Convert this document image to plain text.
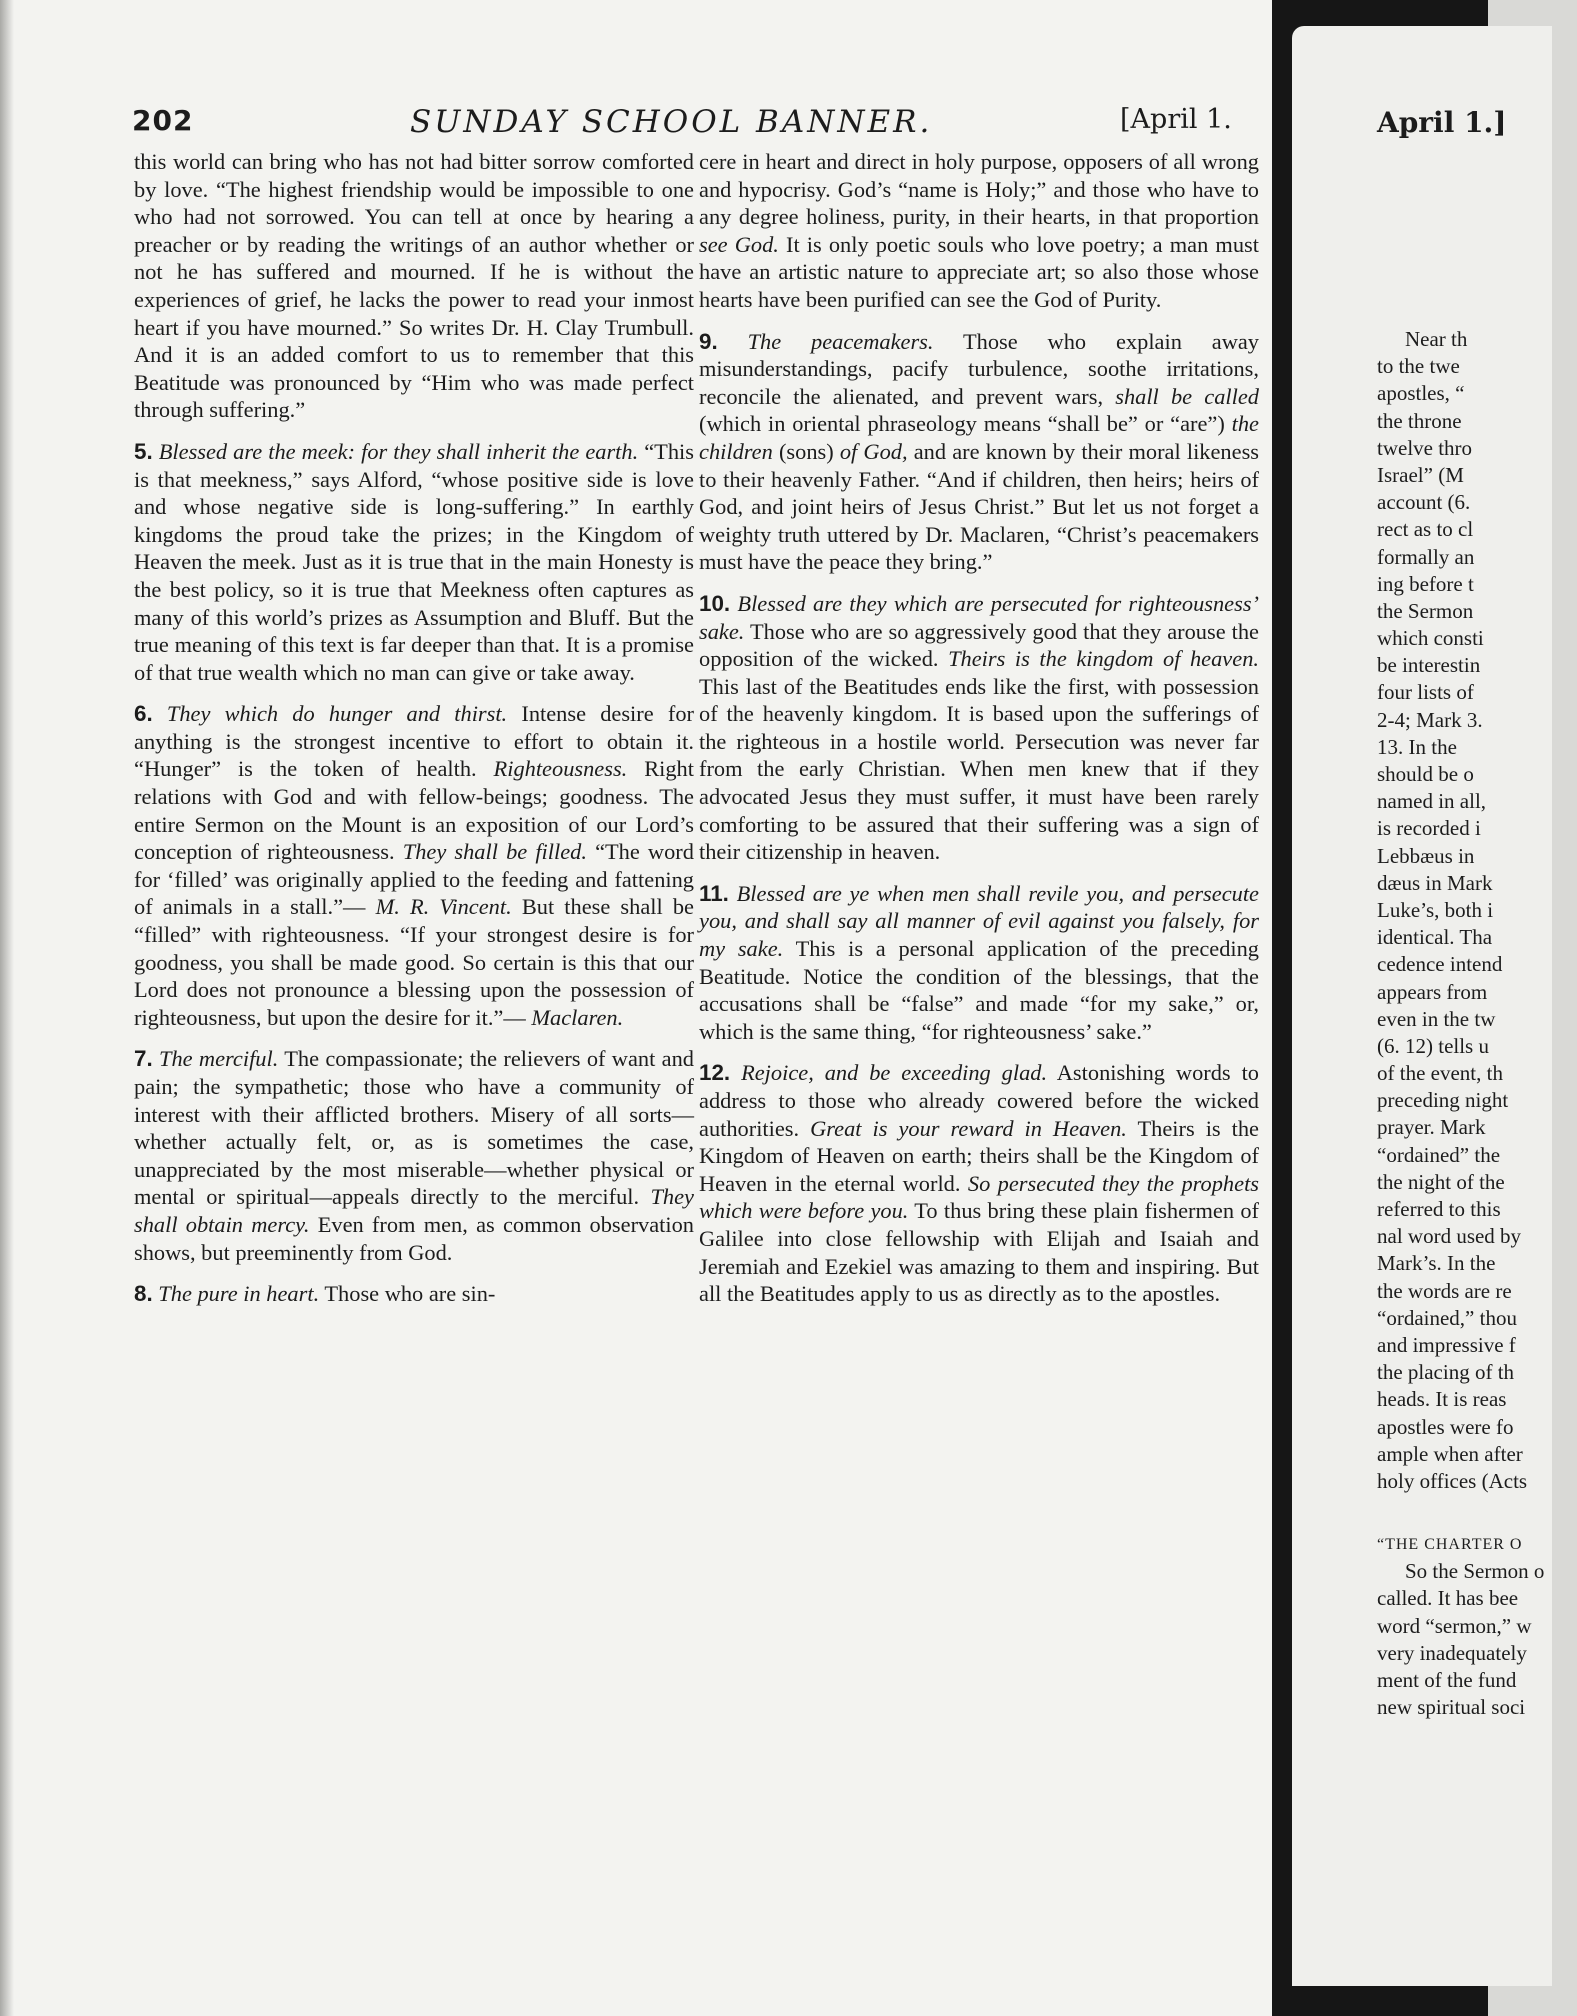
202	SUNDAY SCHOOL BANNER.	[April 1.

this world can bring who has not had bitter sorrow comforted by love. “The highest friendship would be impossible to one who had not sorrowed. You can tell at once by hearing a preacher or by reading the writings of an author whether or not he has suffered and mourned. If he is without the experiences of grief, he lacks the power to read your inmost heart if you have mourned.” So writes Dr. H. Clay Trumbull. And it is an added comfort to us to remember that this Beatitude was pronounced by “Him who was made perfect through suffering.”

5. Blessed are the meek: for they shall inherit the earth. “This is that meekness,” says Alford, “whose positive side is love and whose negative side is long-suffering.” In earthly kingdoms the proud take the prizes; in the Kingdom of Heaven the meek. Just as it is true that in the main Honesty is the best policy, so it is true that Meekness often captures as many of this world’s prizes as Assumption and Bluff. But the true meaning of this text is far deeper than that. It is a promise of that true wealth which no man can give or take away.

6. They which do hunger and thirst. Intense desire for anything is the strongest incentive to effort to obtain it. “Hunger” is the token of health. Righteousness. Right relations with God and with fellow-beings; goodness. The entire Sermon on the Mount is an exposition of our Lord’s conception of righteousness. They shall be filled. “The word for ‘filled’ was originally applied to the feeding and fattening of animals in a stall.”— M. R. Vincent. But these shall be “filled” with righteousness. “If your strongest desire is for goodness, you shall be made good. So certain is this that our Lord does not pronounce a blessing upon the possession of righteousness, but upon the desire for it.”— Maclaren.

7. The merciful. The compassionate; the relievers of want and pain; the sympathetic; those who have a community of interest with their afflicted brothers. Misery of all sorts—whether actually felt, or, as is sometimes the case, unappreciated by the most miserable—whether physical or mental or spiritual—appeals directly to the merciful. They shall obtain mercy. Even from men, as common observation shows, but preeminently from God.

8. The pure in heart. Those who are sin-

cere in heart and direct in holy purpose, opposers of all wrong and hypocrisy. God’s “name is Holy;” and those who have to any degree holiness, purity, in their hearts, in that proportion see God. It is only poetic souls who love poetry; a man must have an artistic nature to appreciate art; so also those whose hearts have been purified can see the God of Purity.

9. The peacemakers. Those who explain away misunderstandings, pacify turbulence, soothe irritations, reconcile the alienated, and prevent wars, shall be called (which in oriental phraseology means “shall be” or “are”) the children (sons) of God, and are known by their moral likeness to their heavenly Father. “And if children, then heirs; heirs of God, and joint heirs of Jesus Christ.” But let us not forget a weighty truth uttered by Dr. Maclaren, “Christ’s peacemakers must have the peace they bring.”

10. Blessed are they which are persecuted for righteousness’ sake. Those who are so aggressively good that they arouse the opposition of the wicked. Theirs is the kingdom of heaven. This last of the Beatitudes ends like the first, with possession of the heavenly kingdom. It is based upon the sufferings of the righteous in a hostile world. Persecution was never far from the early Christian. When men knew that if they advocated Jesus they must suffer, it must have been rarely comforting to be assured that their suffering was a sign of their citizenship in heaven.

11. Blessed are ye when men shall revile you, and persecute you, and shall say all manner of evil against you falsely, for my sake. This is a personal application of the preceding Beatitude. Notice the condition of the blessings, that the accusations shall be “false” and made “for my sake,” or, which is the same thing, “for righteousness’ sake.”

12. Rejoice, and be exceeding glad. Astonishing words to address to those who already cowered before the wicked authorities. Great is your reward in Heaven. Theirs is the Kingdom of Heaven on earth; theirs shall be the Kingdom of Heaven in the eternal world. So persecuted they the prophets which were before you. To thus bring these plain fishermen of Galilee into close fellowship with Elijah and Isaiah and Jeremiah and Ezekiel was amazing to them and inspiring. But all the Beatitudes apply to us as directly as to the apostles.

April 1.]
Near th
to the twe
apostles, “
the throne
twelve thro
Israel” (M
account (6.
rect as to cl
formally an
ing before t
the Sermon
which consti
be interestin
four lists of
2-4; Mark 3.
13. In the
should be o
named in all,
is recorded i
Lebbæus in
dæus in Mark
Luke’s, both i
identical. Tha
cedence intend
appears from
even in the tw
(6. 12) tells u
of the event, th
preceding night
prayer. Mark
“ordained” the
the night of the
referred to this
nal word used by
Mark’s. In the
the words are re
“ordained,” thou
and impressive f
the placing of th
heads. It is reas
apostles were fo
ample when after
holy offices (Acts
“THE CHARTER O
So the Sermon o
called. It has bee
word “sermon,” w
very inadequately
ment of the fund
new spiritual soci
